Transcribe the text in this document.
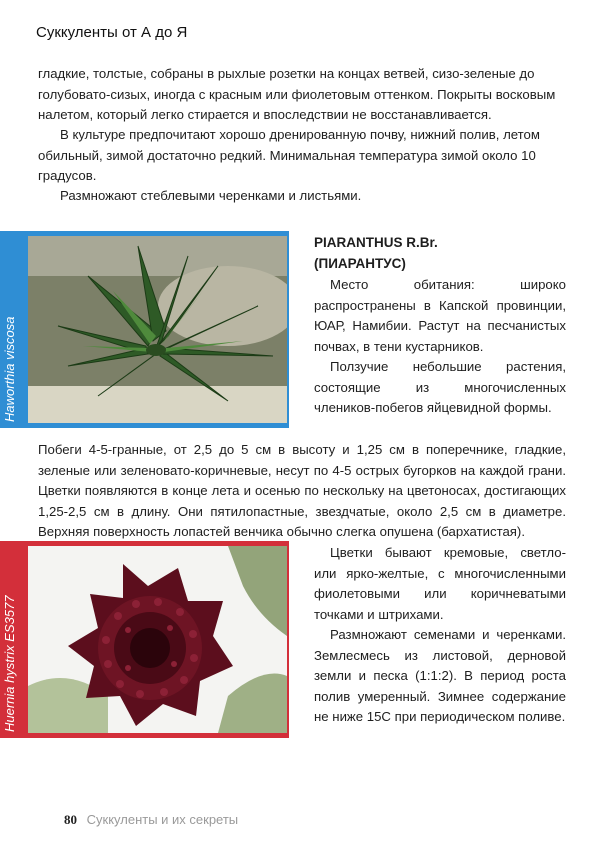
Суккуленты от А до Я

гладкие, толстые, собраны в рыхлые розетки на концах ветвей, сизо-зеленые до голубовато-сизых, иногда с красным или фиолетовым оттенком. Покрыты восковым налетом, который легко стирается и впоследствии не восстанавливается.

В культуре предпочитают хорошо дренированную почву, нижний полив, летом обильный, зимой достаточно редкий. Минимальная температура зимой около 10 градусов.

Размножают стеблевыми черенками и листьями.

Haworthia viscosa
PIARANTHUS R.Br.
(ПИАРАНТУС)

Место обитания: широко распространены в Капской провинции, ЮАР, Намибии. Растут на песчанистых почвах, в тени кустарников.

Ползучие небольшие растения, состоящие из многочисленных члеников-побегов яйцевидной формы.

Побеги 4-5-гранные, от 2,5 до 5 см в высоту и 1,25 см в поперечнике, гладкие, зеленые или зеленовато-коричневые, несут по 4-5 острых бугорков на каждой грани. Цветки появляются в конце лета и осенью по нескольку на цветоносах, достигающих 1,25-2,5 см в длину. Они пятилопастные, звездчатые, около 2,5 см в диаметре. Верхняя поверхность лопастей венчика обычно слегка опушена (бархатистая).

Huernia hystrix ES3577

Цветки бывают кремовые, светло- или ярко-желтые, с многочисленными фиолетовыми или коричневатыми точками и штрихами.

Размножают семенами и черенками. Землесмесь из листовой, дерновой земли и песка (1:1:2). В период роста полив умеренный. Зимнее содержание не ниже 15С при периодическом поливе.

80 Суккуленты и их секреты
